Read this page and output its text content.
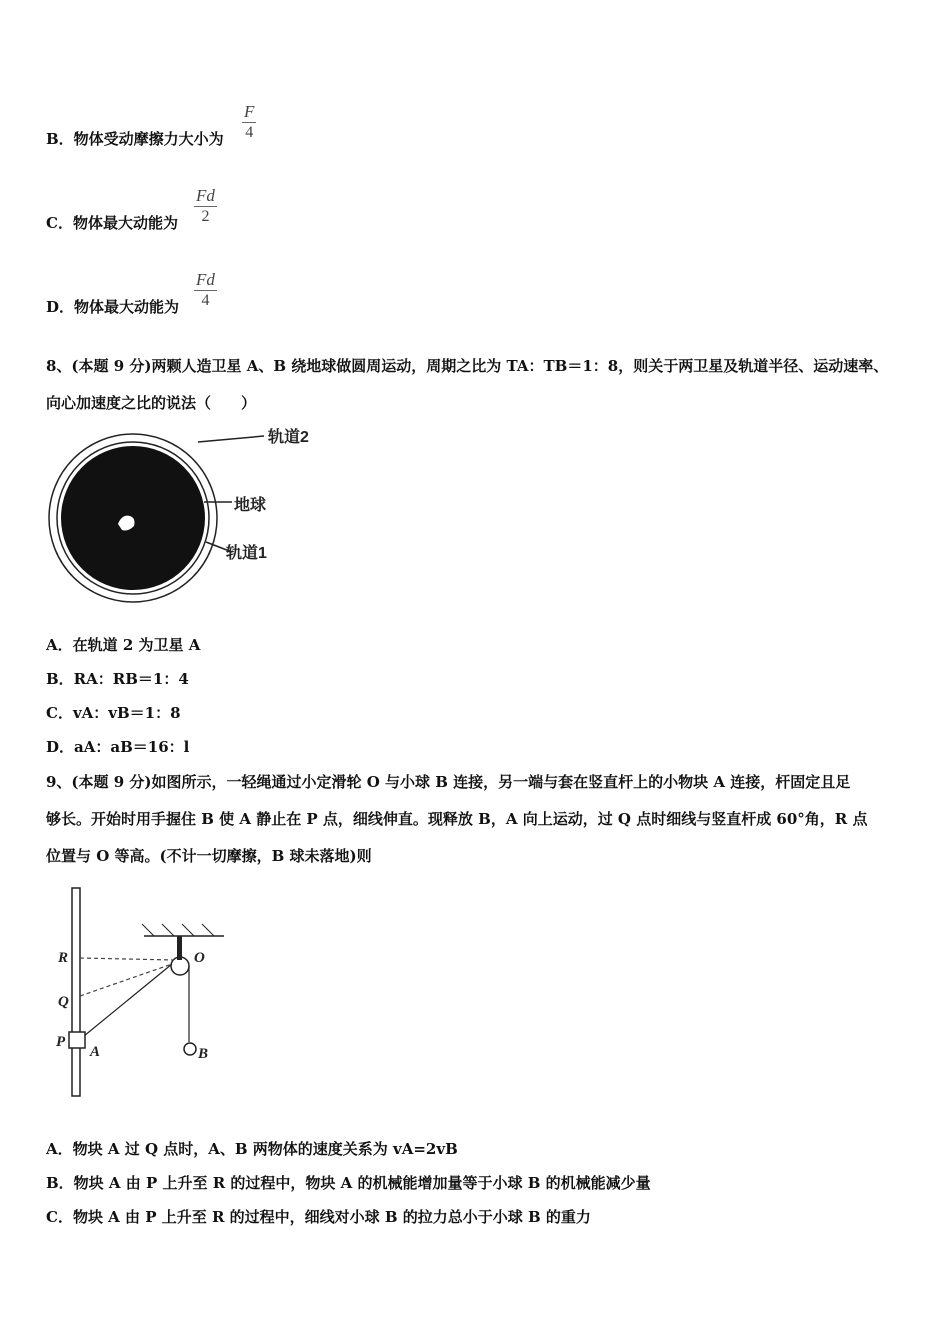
B．物体受动摩擦力大小为
F
4
C．物体最大动能为
Fd
2
D．物体最大动能为
Fd
4
8、(本题 9 分)两颗人造卫星 A、B 绕地球做圆周运动，周期之比为 TA：TB＝1：8，则关于两卫星及轨道半径、运动速率、
向心加速度之比的说法（　　）
轨道2
地球
轨道1
A．在轨道 2 为卫星 A
B．RA：RB＝1：4
C．vA：vB＝1：8
D．aA：aB＝16：l
9、(本题 9 分)如图所示，一轻绳通过小定滑轮 O 与小球 B 连接，另一端与套在竖直杆上的小物块 A 连接，杆固定且足
够长。开始时用手握住 B 使 A 静止在 P 点，细线伸直。现释放 B，A 向上运动，过 Q 点时细线与竖直杆成 60°角，R 点
位置与 O 等高。(不计一切摩擦，B 球未落地)则
R
Q
P
A
O
B
A．物块 A 过 Q 点时，A、B 两物体的速度关系为 vA=2vB
B．物块 A 由 P 上升至 R 的过程中，物块 A 的机械能增加量等于小球 B 的机械能减少量
C．物块 A 由 P 上升至 R 的过程中，细线对小球 B 的拉力总小于小球 B 的重力
